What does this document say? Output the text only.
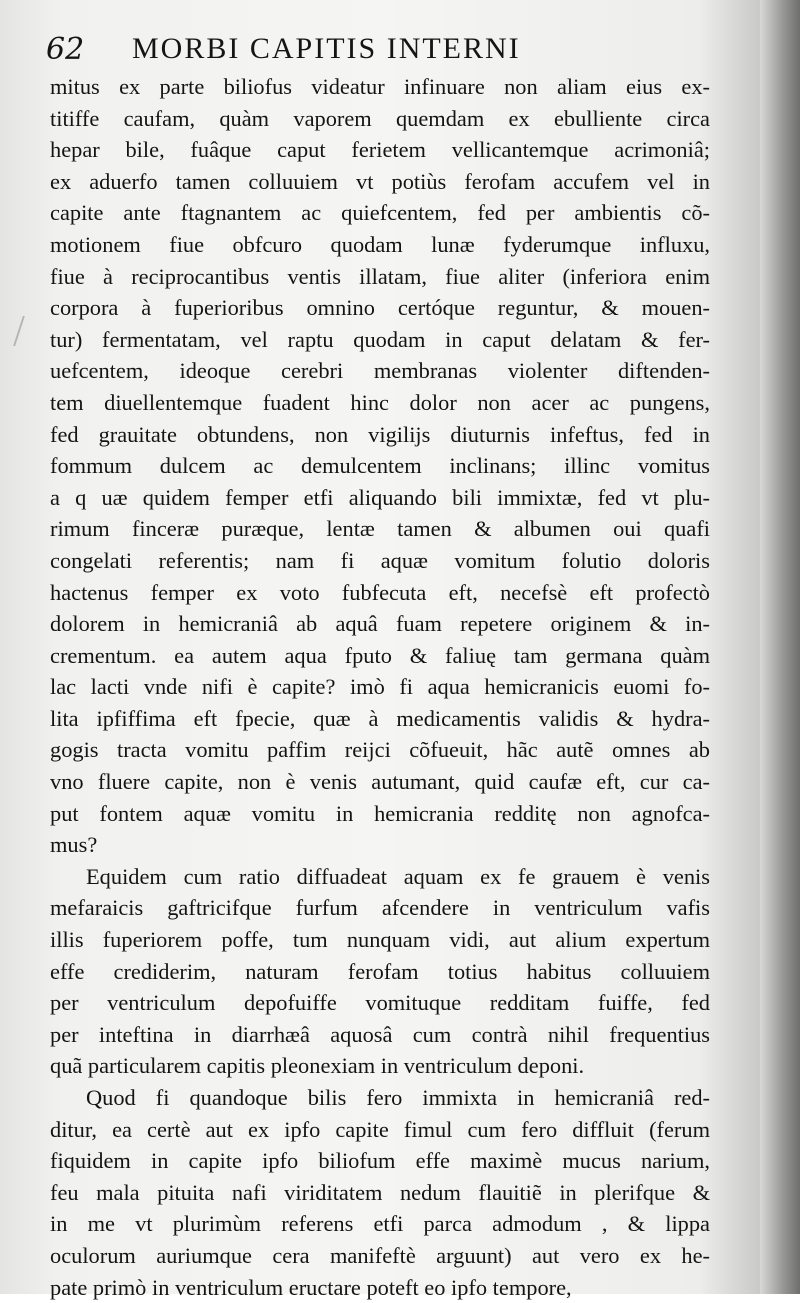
62 MORBI CAPITIS INTERNI
mitus ex parte biliofus videatur infinuare non aliam eius ex-
titiffe caufam, quàm vaporem quemdam ex ebulliente circa
hepar bile, fuâque caput ferietem vellicantemque acrimoniâ;
ex aduerfo tamen colluuiem vt potiùs ferofam accufem vel in
capite ante ftagnantem ac quiefcentem, fed per ambientis cõ-
motionem fiue obfcuro quodam lunæ fyderumque influxu,
fiue à reciprocantibus ventis illatam, fiue aliter (inferiora enim
corpora à fuperioribus omnino certóque reguntur, & mouen-
tur) fermentatam, vel raptu quodam in caput delatam & fer-
uefcentem, ideoque cerebri membranas violenter diftenden-
tem diuellentemque fuadent hinc dolor non acer ac pungens,
fed grauitate obtundens, non vigilijs diuturnis infeftus, fed in
fommum dulcem ac demulcentem inclinans; illinc vomitus
a q uæ quidem femper etfi aliquando bili immixtæ, fed vt plu-
rimum finceræ puræque, lentæ tamen & albumen oui quafi
congelati referentis; nam fi aquæ vomitum folutio doloris
hactenus femper ex voto fubfecuta eft, necefsè eft profectò
dolorem in hemicraniâ ab aquâ fuam repetere originem & in-
crementum. ea autem aqua fputo & faliuę tam germana quàm
lac lacti vnde nifi è capite? imò fi aqua hemicranicis euomi fo-
lita ipfiffima eft fpecie, quæ à medicamentis validis & hydra-
gogis tracta vomitu paffim reijci cõfueuit, hãc autẽ omnes ab
vno fluere capite, non è venis autumant, quid caufæ eft, cur ca-
put fontem aquæ vomitu in hemicrania redditę non agnofca-
mus?
Equidem cum ratio diffuadeat aquam ex fe grauem è venis
mefaraicis gaftricifque furfum afcendere in ventriculum vafis
illis fuperiorem poffe, tum nunquam vidi, aut alium expertum
effe crediderim, naturam ferofam totius habitus colluuiem
per ventriculum depofuiffe vomituque redditam fuiffe, fed
per inteftina in diarrhæâ aquosâ cum contrà nihil frequentius
quã particularem capitis pleonexiam in ventriculum deponi.
Quod fi quandoque bilis fero immixta in hemicraniâ red-
ditur, ea certè aut ex ipfo capite fimul cum fero diffluit (ferum
fiquidem in capite ipfo biliofum effe maximè mucus narium,
feu mala pituita nafi viriditatem nedum flauitiẽ in plerifque &
in me vt plurimùm referens etfi parca admodum , & lippa
oculorum auriumque cera manifeftè arguunt) aut vero ex he-
pate primò in ventriculum eructare poteft eo ipfo tempore,
